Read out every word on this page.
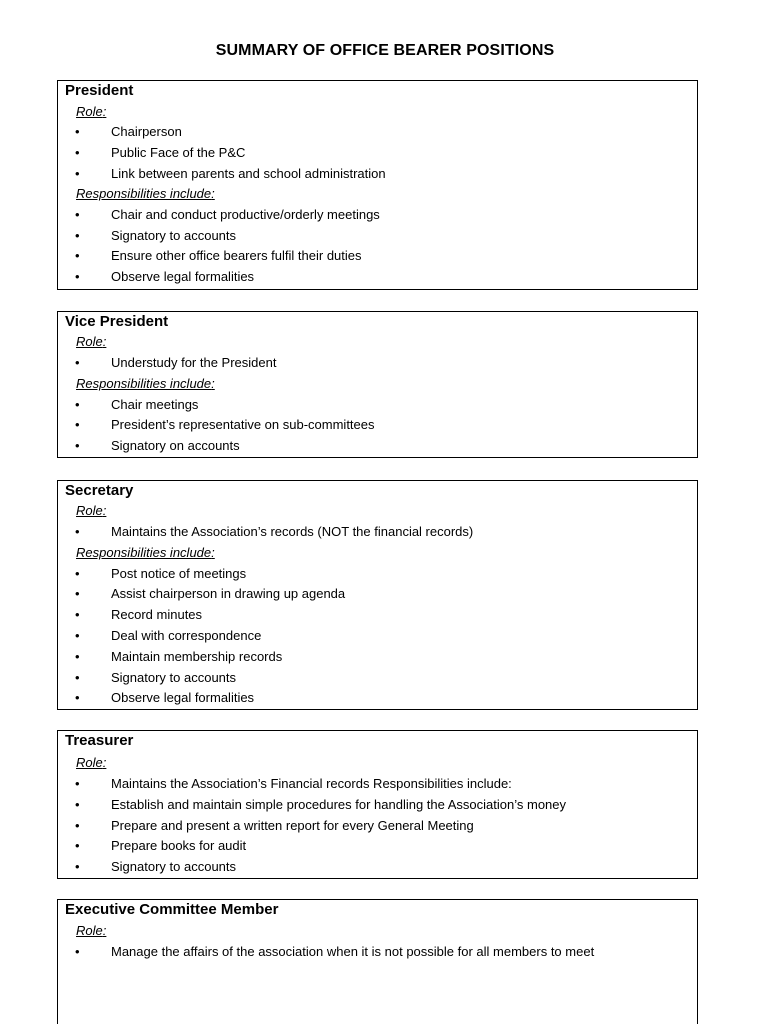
SUMMARY OF OFFICE BEARER POSITIONS
President
Role:
• Chairperson
• Public Face of the P&C
• Link between parents and school administration
Responsibilities include:
• Chair and conduct productive/orderly meetings
• Signatory to accounts
• Ensure other office bearers fulfil their duties
• Observe legal formalities
Vice President
Role:
• Understudy for the President
Responsibilities include:
• Chair meetings
• President’s representative on sub-committees
• Signatory on accounts
Secretary
Role:
• Maintains the Association’s records (NOT the financial records)
Responsibilities include:
• Post notice of meetings
• Assist chairperson in drawing up agenda
• Record minutes
• Deal with correspondence
• Maintain membership records
• Signatory to accounts
• Observe legal formalities
Treasurer
Role:
• Maintains the Association’s Financial records Responsibilities include:
• Establish and maintain simple procedures for handling the Association’s money
• Prepare and present a written report for every General Meeting
• Prepare books for audit
• Signatory to accounts
Executive Committee Member
Role:
• Manage the affairs of the association when it is not possible for all members to meet
